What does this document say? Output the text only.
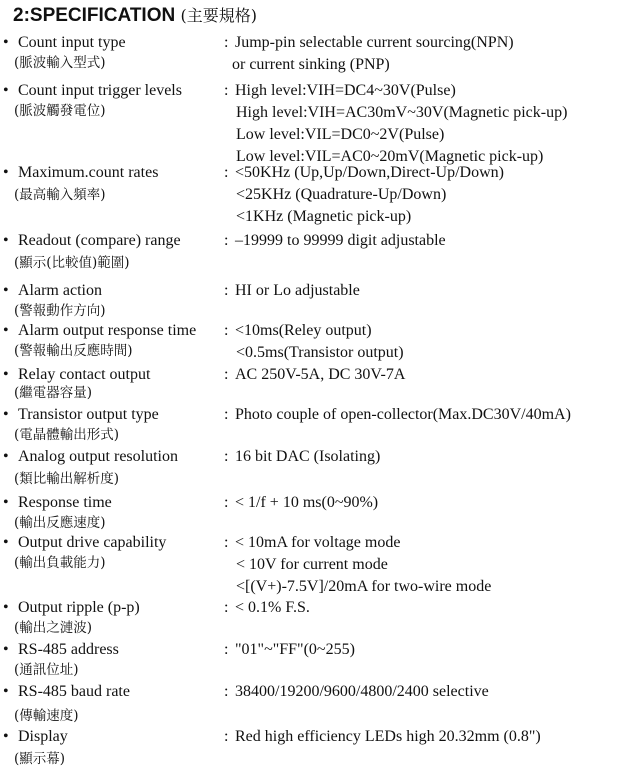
2:SPECIFICATION (主要規格)
• Count input type
(脈波輸入型式)
: Jump-pin selectable current sourcing(NPN)
or current sinking (PNP)
• Count input trigger levels
(脈波觸發電位)
: High level:VIH=DC4~30V(Pulse)
High level:VIH=AC30mV~30V(Magnetic pick-up)
Low level:VIL=DC0~2V(Pulse)
Low level:VIL=AC0~20mV(Magnetic pick-up)
• Maximum.count rates
(最高輸入頻率)
: <50KHz (Up,Up/Down,Direct-Up/Down)
<25KHz (Quadrature-Up/Down)
<1KHz (Magnetic pick-up)
• Readout (compare) range
(顯示(比較值)範圍)
: –19999 to 99999 digit adjustable
• Alarm action
(警報動作方向)
: HI or Lo adjustable
• Alarm output response time
(警報輸出反應時間)
: <10ms(Reley output)
<0.5ms(Transistor output)
• Relay contact output
(繼電器容量)
: AC 250V-5A, DC 30V-7A
• Transistor output type
(電晶體輸出形式)
: Photo couple of open-collector(Max.DC30V/40mA)
• Analog output resolution
(類比輸出解析度)
: 16 bit DAC (Isolating)
• Response time
(輸出反應速度)
: < 1/f + 10 ms(0~90%)
• Output drive capability
(輸出負載能力)
: < 10mA for voltage mode
< 10V for current mode
<[(V+)-7.5V]/20mA for two-wire mode
• Output ripple (p-p)
(輸出之漣波)
: < 0.1% F.S.
• RS-485 address
(通訊位址)
: "01"~"FF"(0~255)
• RS-485 baud rate
(傳輸速度)
: 38400/19200/9600/4800/2400 selective
• Display
(顯示幕)
: Red high efficiency LEDs high 20.32mm (0.8")
